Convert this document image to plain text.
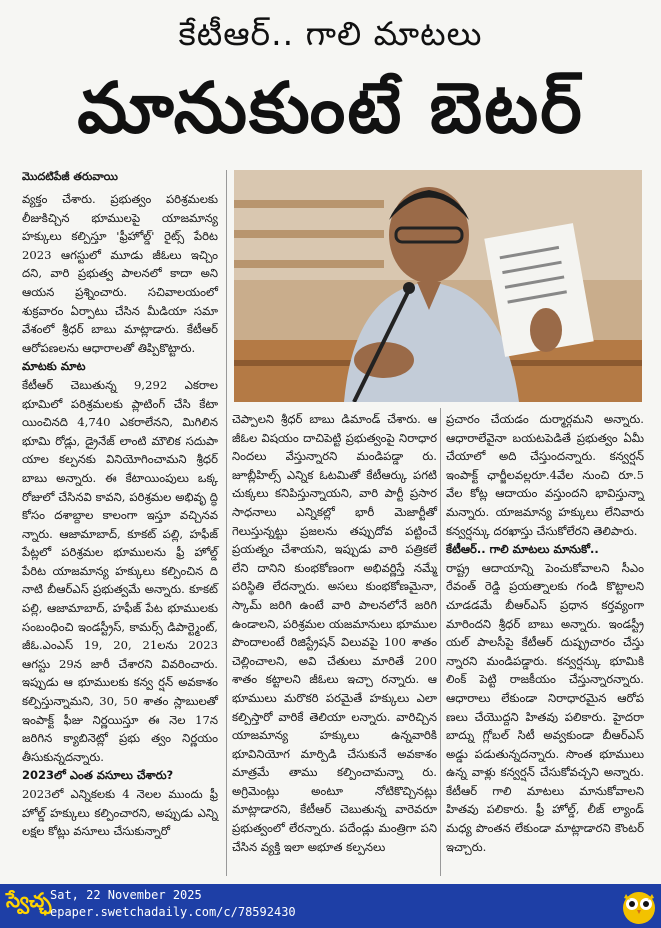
కేటీఆర్.. గాలి మాటలు
మానుకుంటే బెటర్
మొదటిపేజీ తరువాయి

వ్యక్తం చేశారు. ప్రభుత్వం పరిశ్రమలకు లీజుకిచ్చిన భూములపై యాజమాన్య హక్కులు కల్పిస్తూ 'ఫ్రీహోల్డ్' రైట్స్ పేరిట 2023 ఆగస్టులో మూడు జీఓలు ఇచ్చిం దని, వారి ప్రభుత్వ పాలనలో కాదా అని ఆయన ప్రశ్నించారు. సచివాలయంలో శుక్రవారం ఏర్పాటు చేసిన మీడియా సమా వేశంలో శ్రీధర్ బాబు మాట్లాడారు. కేటీఆర్ ఆరోపణలను ఆధారాలతో తిప్పికొట్టారు.

మాటకు మాట

కేటీఆర్ చెబుతున్న 9,292 ఎకరాల భూమిలో పరిశ్రమలకు ప్లాటింగ్ చేసి కేటా యించినది 4,740 ఎకరాలేనని, మిగిలిన భూమి రోడ్లు, డ్రైనేజ్ లాంటి మౌలిక సదుపా యాల కల్పనకు వినియోగించామని శ్రీధర్ బాబు అన్నారు. ఈ కేటాయింపులు ఒక్క రోజులో చేసినవి కావని, పరిశ్రమల అభివృ ద్ధి కోసం దశాబ్దాల కాలంగా ఇస్తూ వచ్చినవ న్నారు. ఆజామాబాద్, కూకట్ పల్లి, హఫీజ్ పేట్లలో పరిశ్రమల భూములను ఫ్రీ హోల్డ్ పేరిట యాజమాన్య హక్కులు కల్పించిన ది నాటి బీఆర్ఎస్ ప్రభుత్వమే అన్నారు. కూకట్ పల్లి, ఆజామాబాద్, హఫీజ్ పేట భూములకు సంబంధించి ఇండస్ట్రీస్, కామర్స్ డిపార్ట్మెంట్, జీఓ.ఎంఎస్ 19, 20, 21లను 2023 ఆగస్టు 29న జారీ చేశారని వివరించారు. ఇప్పుడు ఆ భూములకు కన్వ ర్షన్ అవకాశం కల్పిస్తున్నామని, 30, 50 శాతం స్లాబులతో ఇంపాక్ట్ ఫీజు నిర్ణయిస్తూ ఈ నెల 17న జరిగిన క్యాబినెట్లో ప్రభు త్వం నిర్ణయం తీసుకున్నదన్నారు.

2023లో ఎంత వసూలు చేశారు?

2023లో ఎన్నికలకు 4 నెలల ముందు ఫ్రీ హోల్డ్ హక్కులు కల్పించారని, అప్పుడు ఎన్ని లక్షల కోట్లు వసూలు చేసుకున్నారో

చెప్పాలని శ్రీధర్ బాబు డిమాండ్ చేశారు. ఆ జీఓల విషయం దాచిపెట్టి ప్రభుత్వంపై నిరాధార నిందలు వేస్తున్నారని మండిపడ్డా రు. జూబ్లీహిల్స్ ఎన్నిక ఓటమితో కేటీఆర్కు పగటి చుక్కలు కనిపిస్తున్నాయని, వారి పార్టీ ప్రసార సాధనాలు ఎన్నికల్లో భారీ మెజార్టీతో గెలుస్తున్నట్టు ప్రజలను తప్పుదోవ పట్టించే ప్రయత్నం చేశాయని, ఇప్పుడు వారి పత్రికలే లేని దానిని కుంభకోణంగా అభివర్ణిస్తే నమ్మే పరిస్థితి లేదన్నారు. అసలు కుంభకోణమైనా, స్కామ్ జరిగి ఉంటే వారి పాలనలోనే జరిగి ఉండాలని, పరిశ్రమల యజమానులు భూముల పొందాలంటే రిజిస్ట్రేషన్ విలువపై 100 శాతం చెల్లించాలని, అవి చేతులు మారితే 200 శాతం కట్టాలని జీఓలు ఇచ్చా రన్నారు. ఆ భూములు మరొకరి పరమైతే హక్కులు ఎలా కల్పిస్తారో వారికే తెలియా లన్నారు. వారిచ్చిన యాజమాన్య హక్కులు ఉన్నవారికి భూవినియోగ మార్పిడి చేసుకునే అవకాశం మాత్రమే తాము కల్పించామన్నా రు. అగ్రిమెంట్లు అంటూ నోటికొచ్చినట్లు మాట్లాడారని, కేటీఆర్ చెబుతున్న వారెవరూ ప్రభుత్వంలో లేరన్నారు. పదేండ్లు మంత్రిగా పని చేసిన వ్యక్తి ఇలా అభూత కల్పనలు

ప్రచారం చేయడం దుర్మార్గమని అన్నారు. ఆధారాలేవైనా బయటపెడితే ప్రభుత్వం ఏమీ చేయాలో అది చేస్తుందన్నారు. కన్వర్షన్ ఇంపాక్ట్ ఛార్జీలవల్లరూ.4వేల నుంచి రూ.5 వేల కోట్ల ఆదాయం వస్తుందని భావిస్తున్నా మన్నారు. యాజమాన్య హక్కులు లేనివారు కన్వర్షన్కు దరఖాస్తు చేసుకోలేరని తెలిపారు.

కేటీఆర్.. గాలి మాటలు మానుకో..

రాష్ట్ర ఆదాయాన్ని పెంచుకోవాలని సీఎం రేవంత్ రెడ్డి ప్రయత్నాలకు గండి కొట్టాలని చూడడమే బీఆర్ఎస్ ప్రధాన కర్తవ్యంగా మారిందని శ్రీధర్ బాబు అన్నారు. ఇండస్ట్రీ యల్ పాలసీపై కేటీఆర్ దుష్ప్రచారం చేస్తు న్నారని మండిపడ్డారు. కన్వర్షన్కు భూమికి లింక్ పెట్టి రాజకీయం చేస్తున్నారన్నారు. ఆధారాలు లేకుండా నిరాధారమైన ఆరోప ణలు చేయొద్దని హితవు పలికారు. హైదరా బాద్ను గ్లోబల్ సిటీ అవ్వకుండా బీఆర్ఎస్ అడ్డు పడుతున్నదన్నారు. సొంత భూములు ఉన్న వాళ్లు కన్వర్షన్ చేసుకోవచ్చని అన్నారు. కేటీఆర్ గాలి మాటలు మానుకోవాలని హితవు పలికారు. ఫ్రీ హోల్డ్, లీజ్ ల్యాండ్ మధ్య పొంతన లేకుండా మాట్లాడారని కౌంటర్ ఇచ్చారు.

స్వేచ్ఛ
Sat, 22 November 2025
epaper.swetchadaily.com/c/78592430
